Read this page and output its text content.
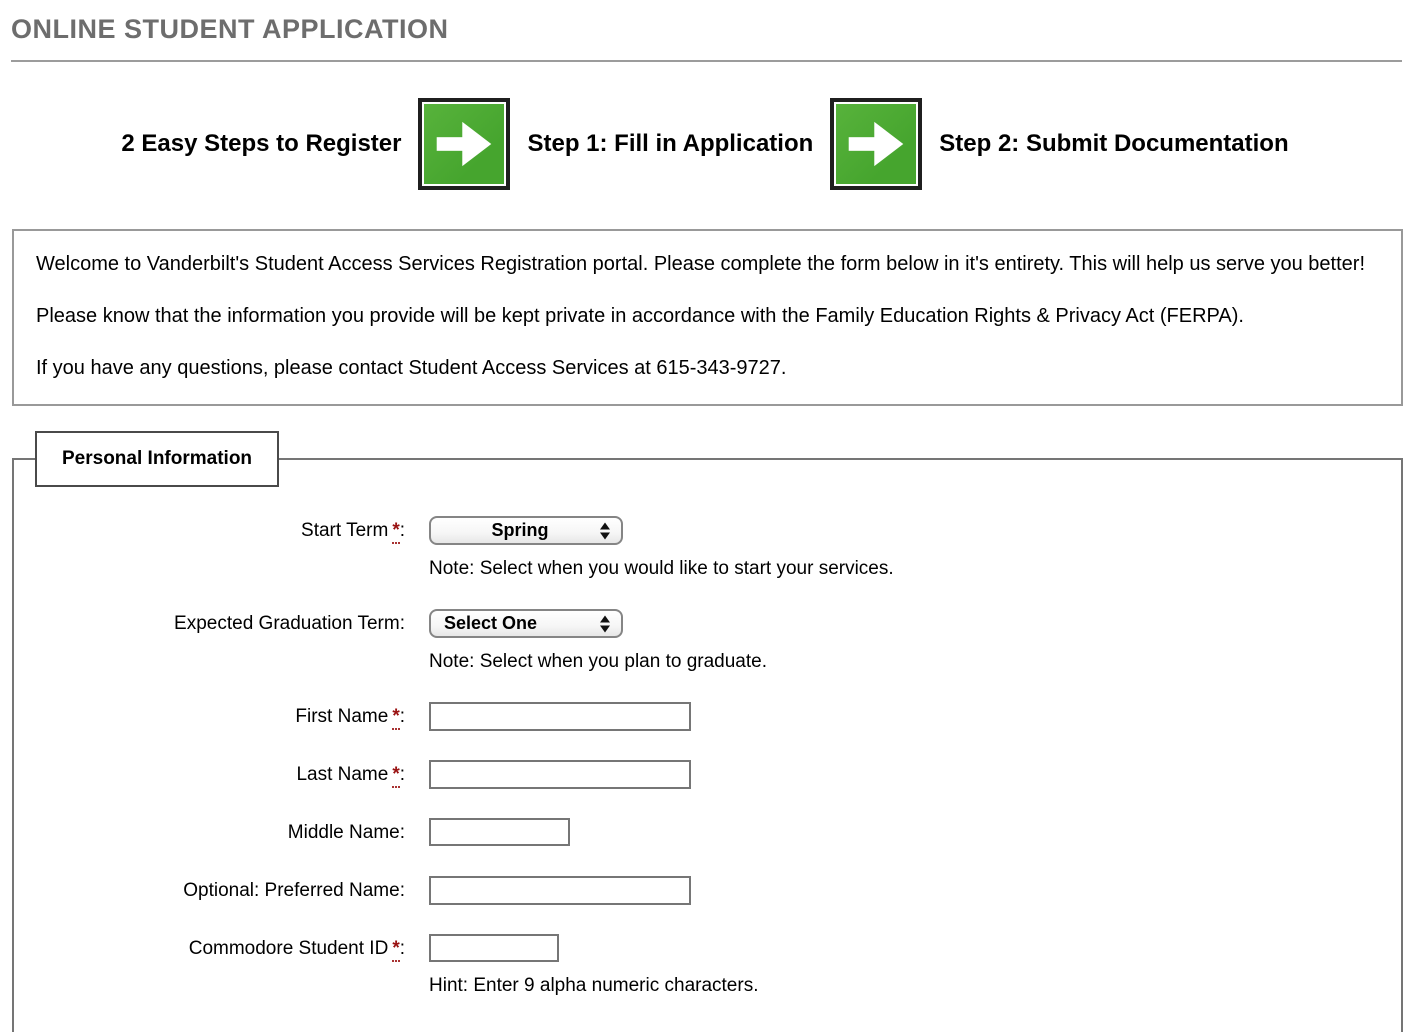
ONLINE STUDENT APPLICATION
2 Easy Steps to Register	Step 1: Fill in Application	Step 2: Submit Documentation

Welcome to Vanderbilt's Student Access Services Registration portal. Please complete the form below in it's entirety. This will help us serve you better!

Please know that the information you provide will be kept private in accordance with the Family Education Rights & Privacy Act (FERPA).

If you have any questions, please contact Student Access Services at 615-343-9727.

Personal Information
Start Term *:	Spring
Note: Select when you would like to start your services.
Expected Graduation Term:	Select One
Note: Select when you plan to graduate.
First Name *:
Last Name *:
Middle Name:
Optional: Preferred Name:
Commodore Student ID *:
Hint: Enter 9 alpha numeric characters.
